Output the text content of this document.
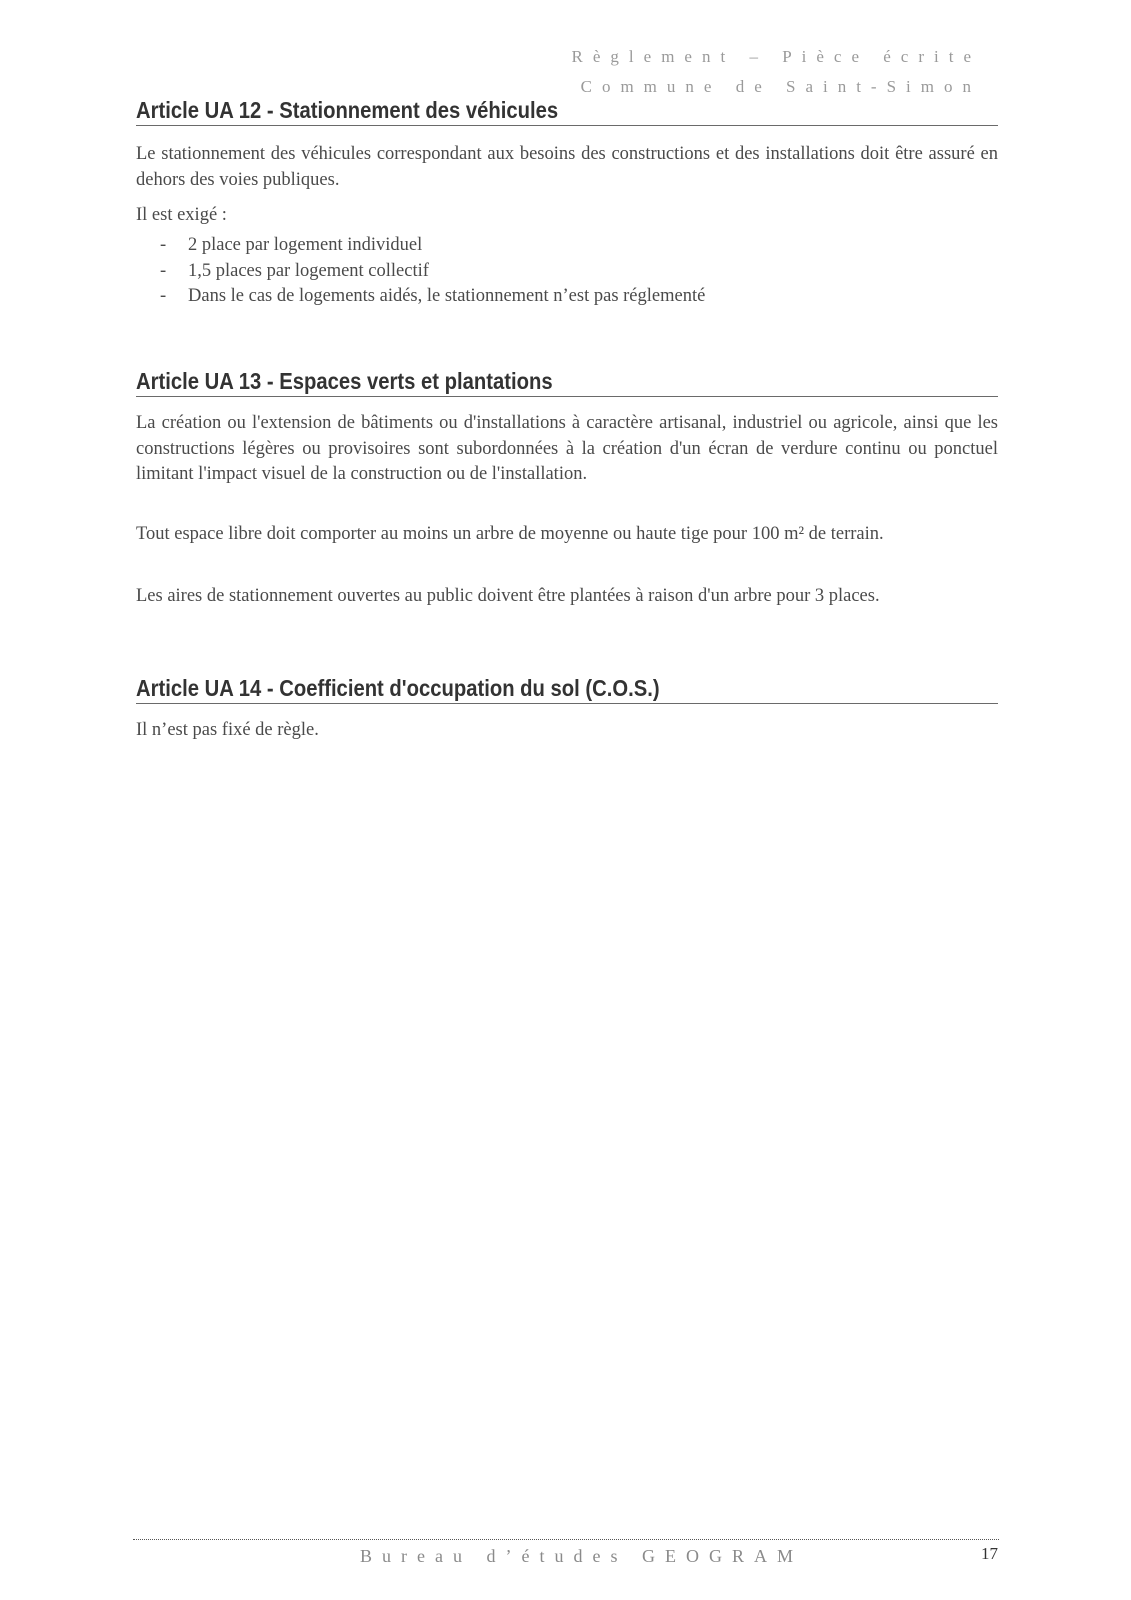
Règlement – Pièce écrite
Commune de Saint-Simon
Article UA 12 - Stationnement des véhicules

Le stationnement des véhicules correspondant aux besoins des constructions et des installations doit être assuré en dehors des voies publiques.

Il est exigé :

- 2 place par logement individuel
- 1,5 places par logement collectif
- Dans le cas de logements aidés, le stationnement n’est pas réglementé
Article UA 13 - Espaces verts et plantations

La création ou l'extension de bâtiments ou d'installations à caractère artisanal, industriel ou agricole, ainsi que les constructions légères ou provisoires sont subordonnées à la création d'un écran de verdure continu ou ponctuel limitant l'impact visuel de la construction ou de l'installation.

Tout espace libre doit comporter au moins un arbre de moyenne ou haute tige pour 100 m² de terrain.

Les aires de stationnement ouvertes au public doivent être plantées à raison d'un arbre pour 3 places.

Article UA 14 - Coefficient d'occupation du sol (C.O.S.)

Il n’est pas fixé de règle.

Bureau d’études GEOGRAM	17
